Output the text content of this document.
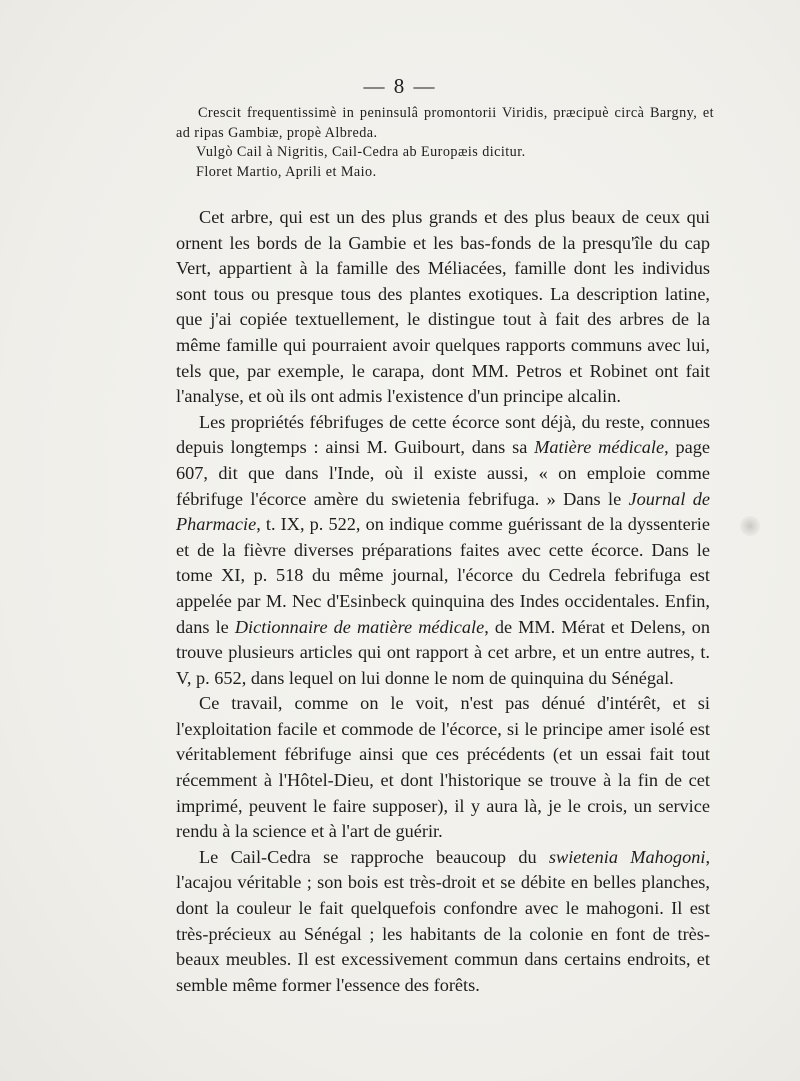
— 8 —

Crescit frequentissimè in peninsulâ promontorii Viridis, præcipuè circà Bargny, et ad ripas Gambiæ, propè Albreda.

Vulgò Cail à Nigritis, Cail-Cedra ab Europæis dicitur.

Floret Martio, Aprili et Maio.

Cet arbre, qui est un des plus grands et des plus beaux de ceux qui ornent les bords de la Gambie et les bas-fonds de la presqu'île du cap Vert, appartient à la famille des Méliacées, famille dont les individus sont tous ou presque tous des plantes exotiques. La description latine, que j'ai copiée textuellement, le distingue tout à fait des arbres de la même famille qui pourraient avoir quelques rapports communs avec lui, tels que, par exemple, le carapa, dont MM. Petros et Robinet ont fait l'analyse, et où ils ont admis l'existence d'un principe alcalin.

Les propriétés fébrifuges de cette écorce sont déjà, du reste, connues depuis longtemps : ainsi M. Guibourt, dans sa Matière médicale, page 607, dit que dans l'Inde, où il existe aussi, « on emploie comme fébrifuge l'écorce amère du swietenia febrifuga. » Dans le Journal de Pharmacie, t. IX, p. 522, on indique comme guérissant de la dyssenterie et de la fièvre diverses préparations faites avec cette écorce. Dans le tome XI, p. 518 du même journal, l'écorce du Cedrela febrifuga est appelée par M. Nec d'Esinbeck quinquina des Indes occidentales. Enfin, dans le Dictionnaire de matière médicale, de MM. Mérat et Delens, on trouve plusieurs articles qui ont rapport à cet arbre, et un entre autres, t. V, p. 652, dans lequel on lui donne le nom de quinquina du Sénégal.

Ce travail, comme on le voit, n'est pas dénué d'intérêt, et si l'exploitation facile et commode de l'écorce, si le principe amer isolé est véritablement fébrifuge ainsi que ces précédents (et un essai fait tout récemment à l'Hôtel-Dieu, et dont l'historique se trouve à la fin de cet imprimé, peuvent le faire supposer), il y aura là, je le crois, un service rendu à la science et à l'art de guérir.

Le Cail-Cedra se rapproche beaucoup du swietenia Mahogoni, l'acajou véritable ; son bois est très-droit et se débite en belles planches, dont la couleur le fait quelquefois confondre avec le mahogoni. Il est très-précieux au Sénégal ; les habitants de la colonie en font de très-beaux meubles. Il est excessivement commun dans certains endroits, et semble même former l'essence des forêts.
